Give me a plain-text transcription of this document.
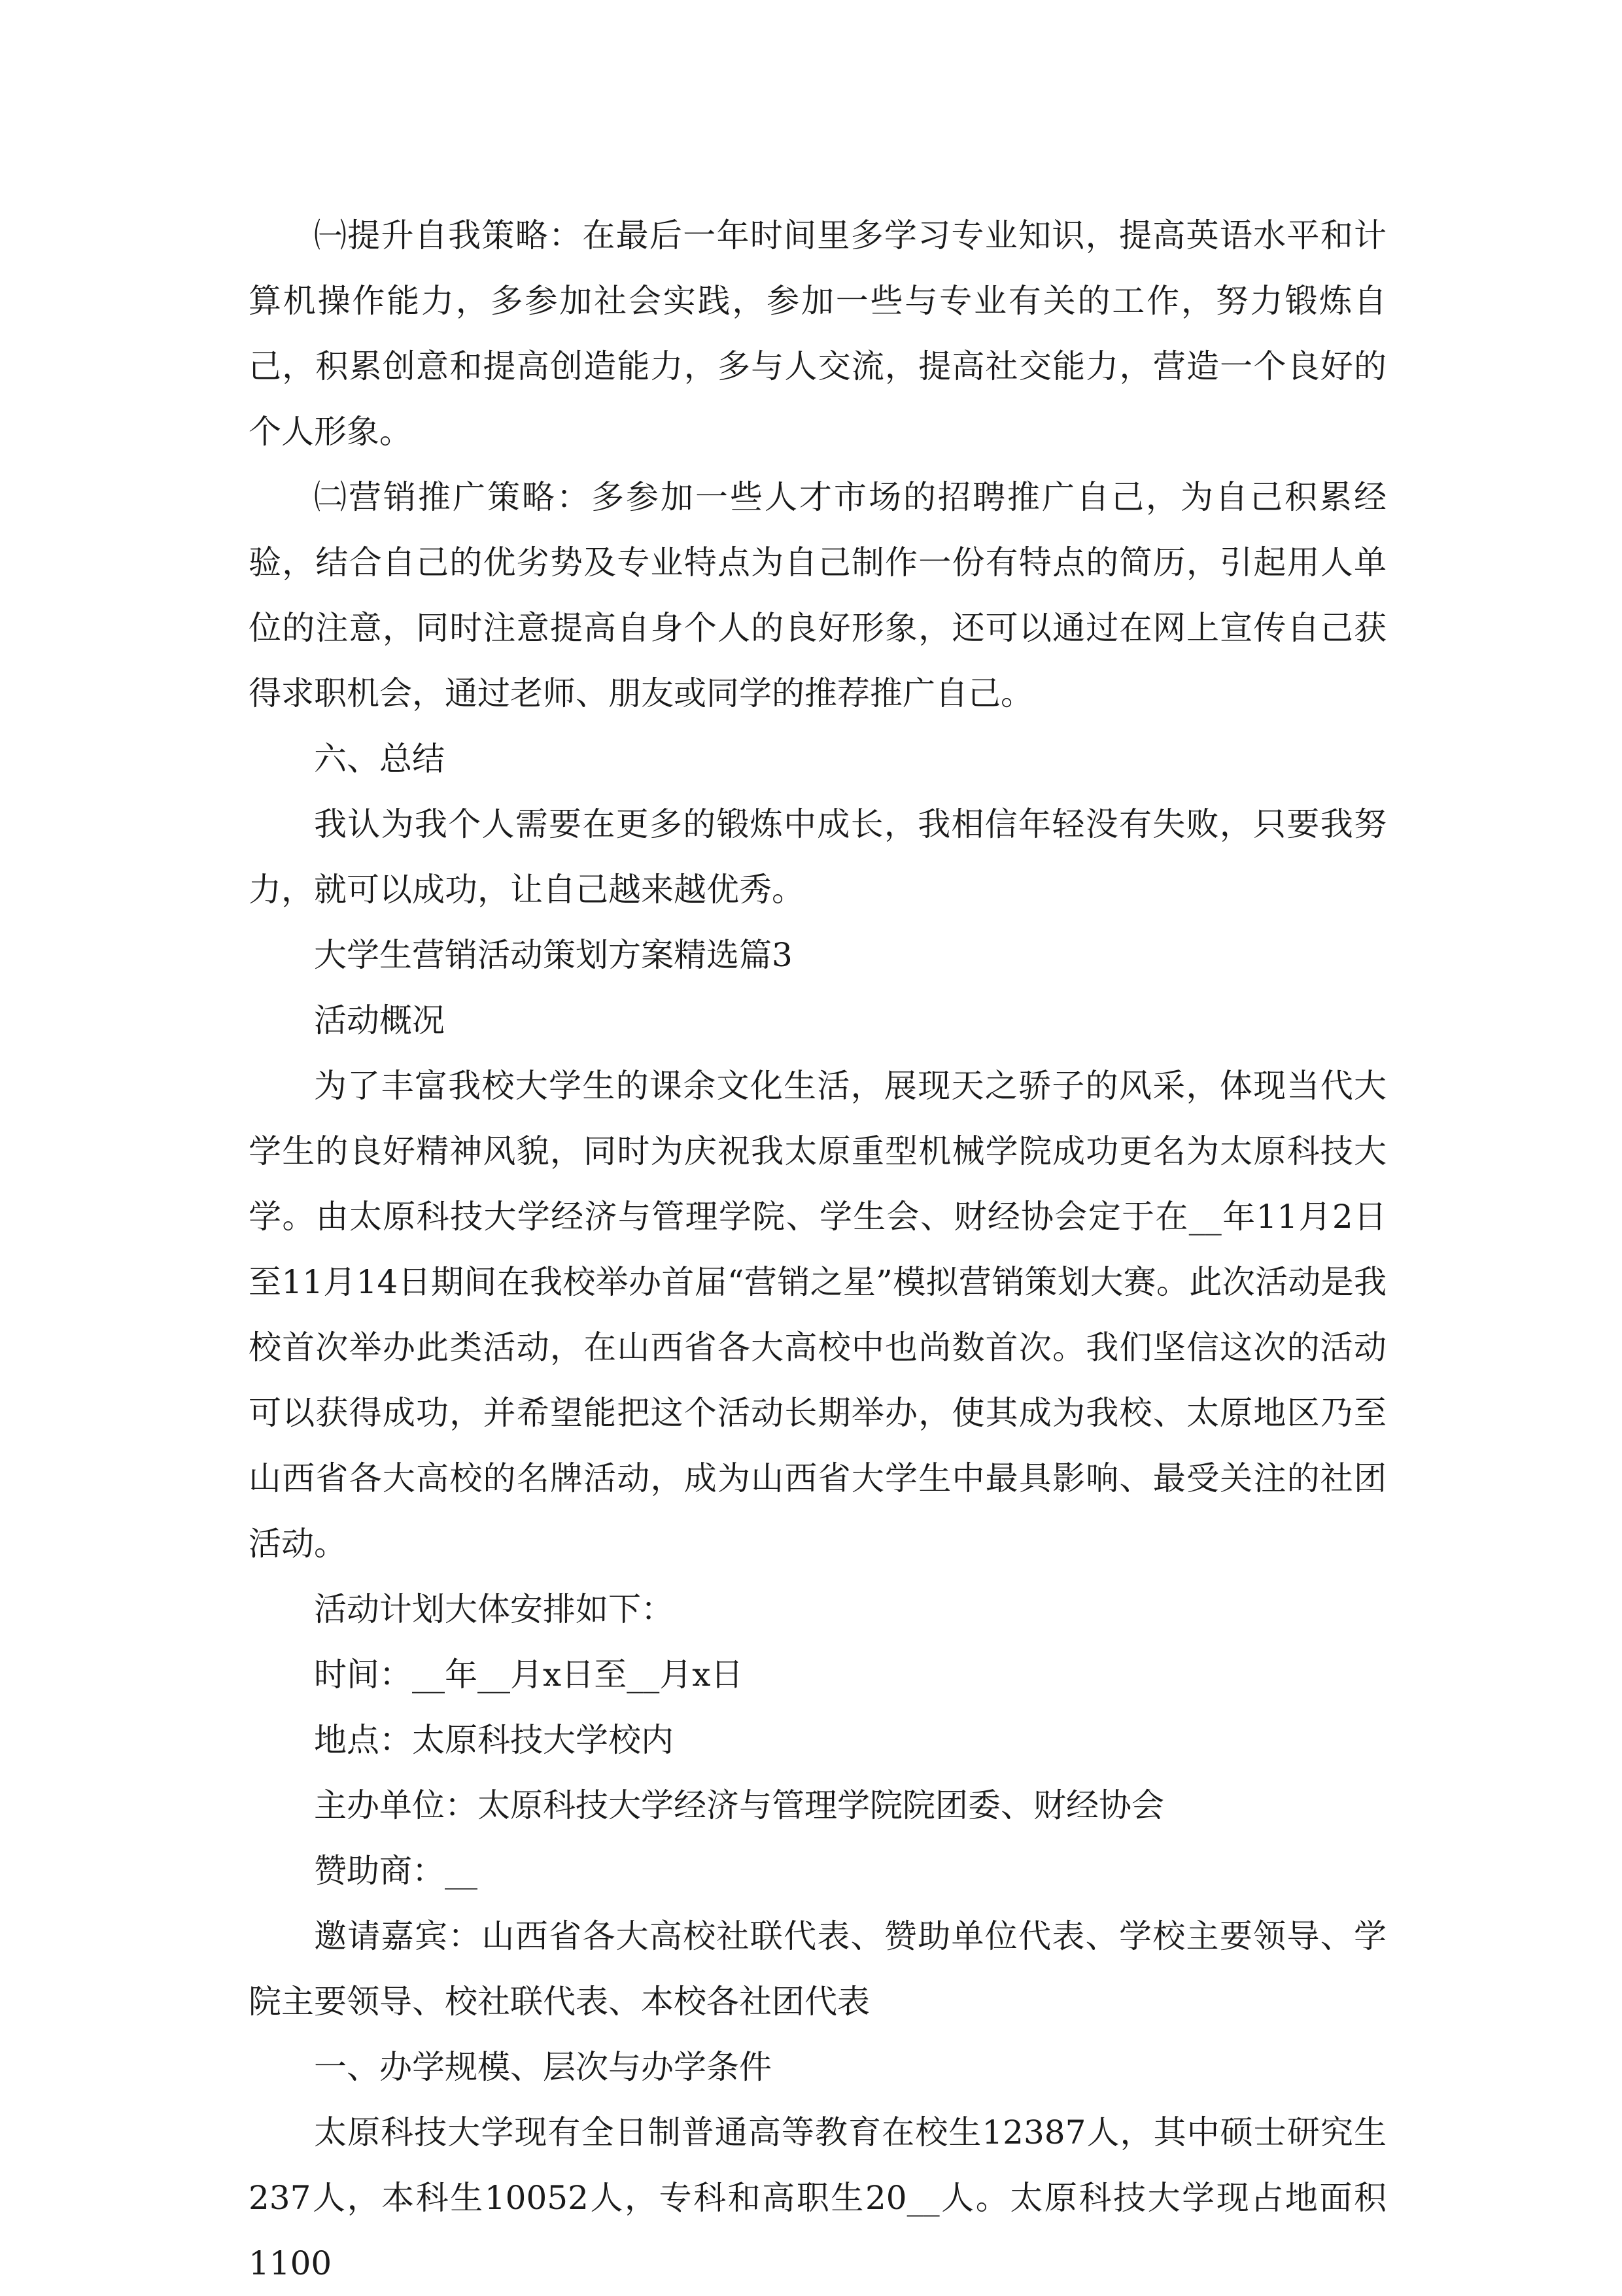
㈠提升自我策略：在最后一年时间里多学习专业知识，提高英语水平和计算机操作能力，多参加社会实践，参加一些与专业有关的工作，努力锻炼自己，积累创意和提高创造能力，多与人交流，提高社交能力，营造一个良好的个人形象。

㈡营销推广策略：多参加一些人才市场的招聘推广自己，为自己积累经验，结合自己的优劣势及专业特点为自己制作一份有特点的简历，引起用人单位的注意，同时注意提高自身个人的良好形象，还可以通过在网上宣传自己获得求职机会，通过老师、朋友或同学的推荐推广自己。

六、总结

我认为我个人需要在更多的锻炼中成长，我相信年轻没有失败，只要我努力，就可以成功，让自己越来越优秀。

大学生营销活动策划方案精选篇3

活动概况

为了丰富我校大学生的课余文化生活，展现天之骄子的风采，体现当代大学生的良好精神风貌，同时为庆祝我太原重型机械学院成功更名为太原科技大学。由太原科技大学经济与管理学院、学生会、财经协会定于在__年11月2日至11月14日期间在我校举办首届“营销之星”模拟营销策划大赛。此次活动是我校首次举办此类活动，在山西省各大高校中也尚数首次。我们坚信这次的活动可以获得成功，并希望能把这个活动长期举办，使其成为我校、太原地区乃至山西省各大高校的名牌活动，成为山西省大学生中最具影响、最受关注的社团活动。

活动计划大体安排如下：

时间：__年__月x日至__月x日

地点：太原科技大学校内

主办单位：太原科技大学经济与管理学院院团委、财经协会

赞助商：__

邀请嘉宾：山西省各大高校社联代表、赞助单位代表、学校主要领导、学院主要领导、校社联代表、本校各社团代表

一、办学规模、层次与办学条件

太原科技大学现有全日制普通高等教育在校生12387人，其中硕士研究生237人，本科生10052人，专科和高职生20__人。太原科技大学现占地面积1100
